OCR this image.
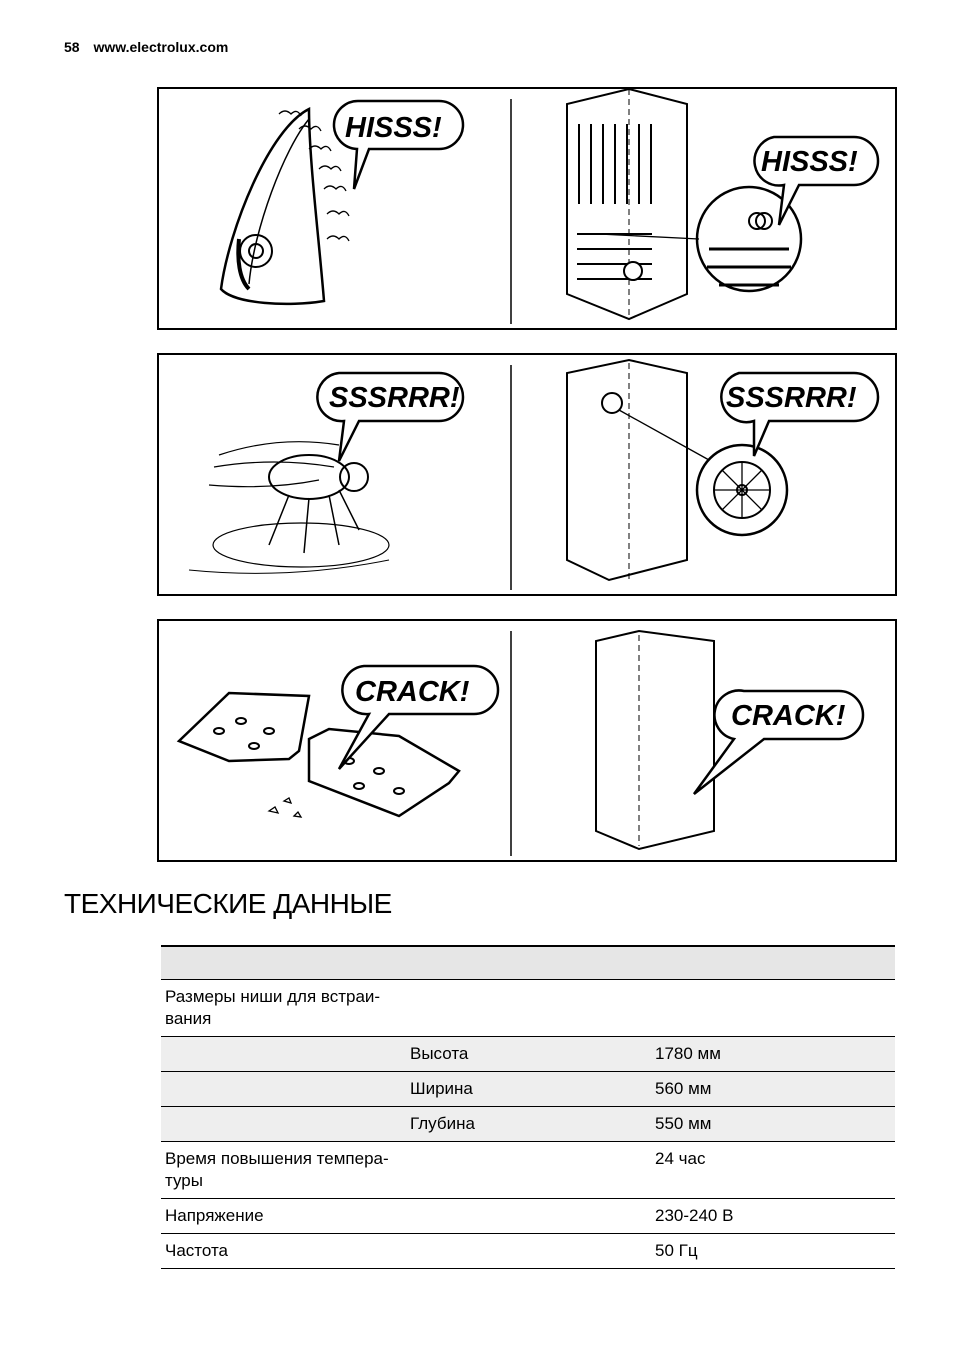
58 www.electrolux.com
HISSS!
HISSS!
SSSRRR!	SSSRRR!
CRACK!
CRACK!
ТЕХНИЧЕСКИЕ ДАННЫЕ

Размеры ниши для встраи-вания		
	Высота	1780 мм
	Ширина	560 мм
	Глубина	550 мм
Время повышения темпера-туры		24 час
Напряжение		230-240 В
Частота		50 Гц
